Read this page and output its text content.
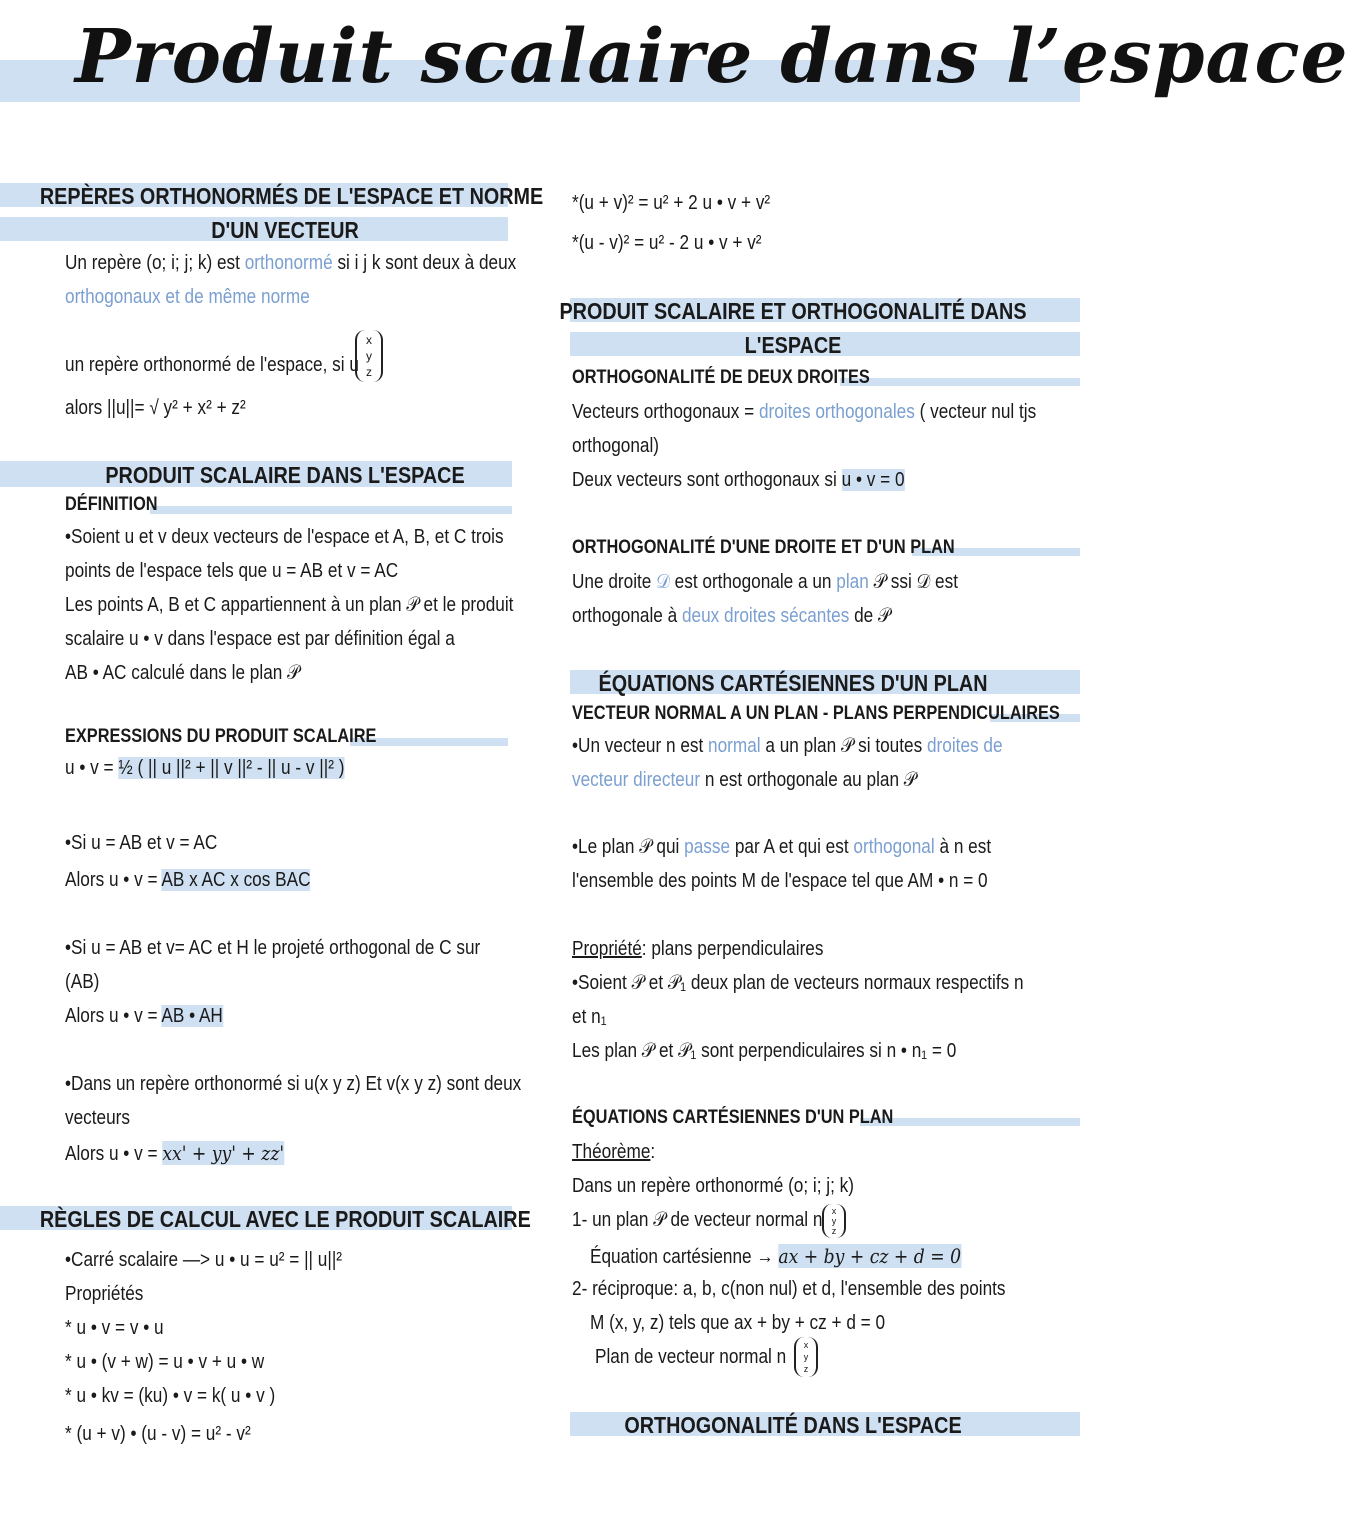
Produit scalaire dans l’espace
REPÈRES ORTHONORMÉS DE L'ESPACE ET NORME
D'UN VECTEUR
Un repère (o; i; j; k) est orthonormé si i j k sont deux à deux
orthogonaux et de même norme
un repère orthonormé de l'espace, si u
x y z
alors ||u||= √ y² + x² + z²
PRODUIT SCALAIRE DANS L'ESPACE
DÉFINITION
•Soient u et v deux vecteurs de l'espace et A, B, et C trois
points de l'espace tels que u = AB et v = AC
Les points A, B et C appartiennent à un plan 𝒫 et le produit
scalaire u • v dans l'espace est par définition égal a
AB • AC calculé dans le plan 𝒫
EXPRESSIONS DU PRODUIT SCALAIRE
u • v = ½ ( || u ||² + || v ||² - || u - v ||² )
•Si u = AB et v = AC
Alors u • v = AB x AC x cos BAC
•Si u = AB et v= AC et H le projeté orthogonal de C sur
(AB)
Alors u • v = AB • AH
•Dans un repère orthonormé si u(x y z) Et v(x y z) sont deux
vecteurs
Alors u • v = xx' + yy' + zz'
RÈGLES DE CALCUL AVEC LE PRODUIT SCALAIRE
•Carré scalaire —> u • u = u² = || u||²
Propriétés
* u • v = v • u
* u • (v + w) = u • v + u • w
* u • kv = (ku) • v = k( u • v )
* (u + v) • (u - v) = u² - v²
*(u + v)² = u² + 2 u • v + v²
*(u - v)² = u² - 2 u • v + v²
PRODUIT SCALAIRE ET ORTHOGONALITÉ DANS
L'ESPACE
ORTHOGONALITÉ DE DEUX DROITES
Vecteurs orthogonaux = droites orthogonales ( vecteur nul tjs
orthogonal)
Deux vecteurs sont orthogonaux si u • v = 0
ORTHOGONALITÉ D'UNE DROITE ET D'UN PLAN
Une droite 𝒟 est orthogonale a un plan 𝒫 ssi 𝒟 est
orthogonale à deux droites sécantes de 𝒫
ÉQUATIONS CARTÉSIENNES D'UN PLAN
VECTEUR NORMAL A UN PLAN - PLANS PERPENDICULAIRES
•Un vecteur n est normal a un plan 𝒫 si toutes droites de
vecteur directeur n est orthogonale au plan 𝒫
•Le plan 𝒫 qui passe par A et qui est orthogonal à n est
l'ensemble des points M de l'espace tel que AM • n = 0
Propriété: plans perpendiculaires
•Soient 𝒫 et 𝒫₁ deux plan de vecteurs normaux respectifs n
et n₁
Les plan 𝒫 et 𝒫₁ sont perpendiculaires si n • n₁ = 0
ÉQUATIONS CARTÉSIENNES D'UN PLAN
Théorème:
Dans un repère orthonormé (o; i; j; k)
1- un plan 𝒫 de vecteur normal n	x y z
Équation cartésienne → ax + by + cz + d = 0
2- réciproque: a, b, c(non nul) et d, l'ensemble des points
M (x, y, z) tels que ax + by + cz + d = 0
Plan de vecteur normal n
x y z
ORTHOGONALITÉ DANS L'ESPACE
